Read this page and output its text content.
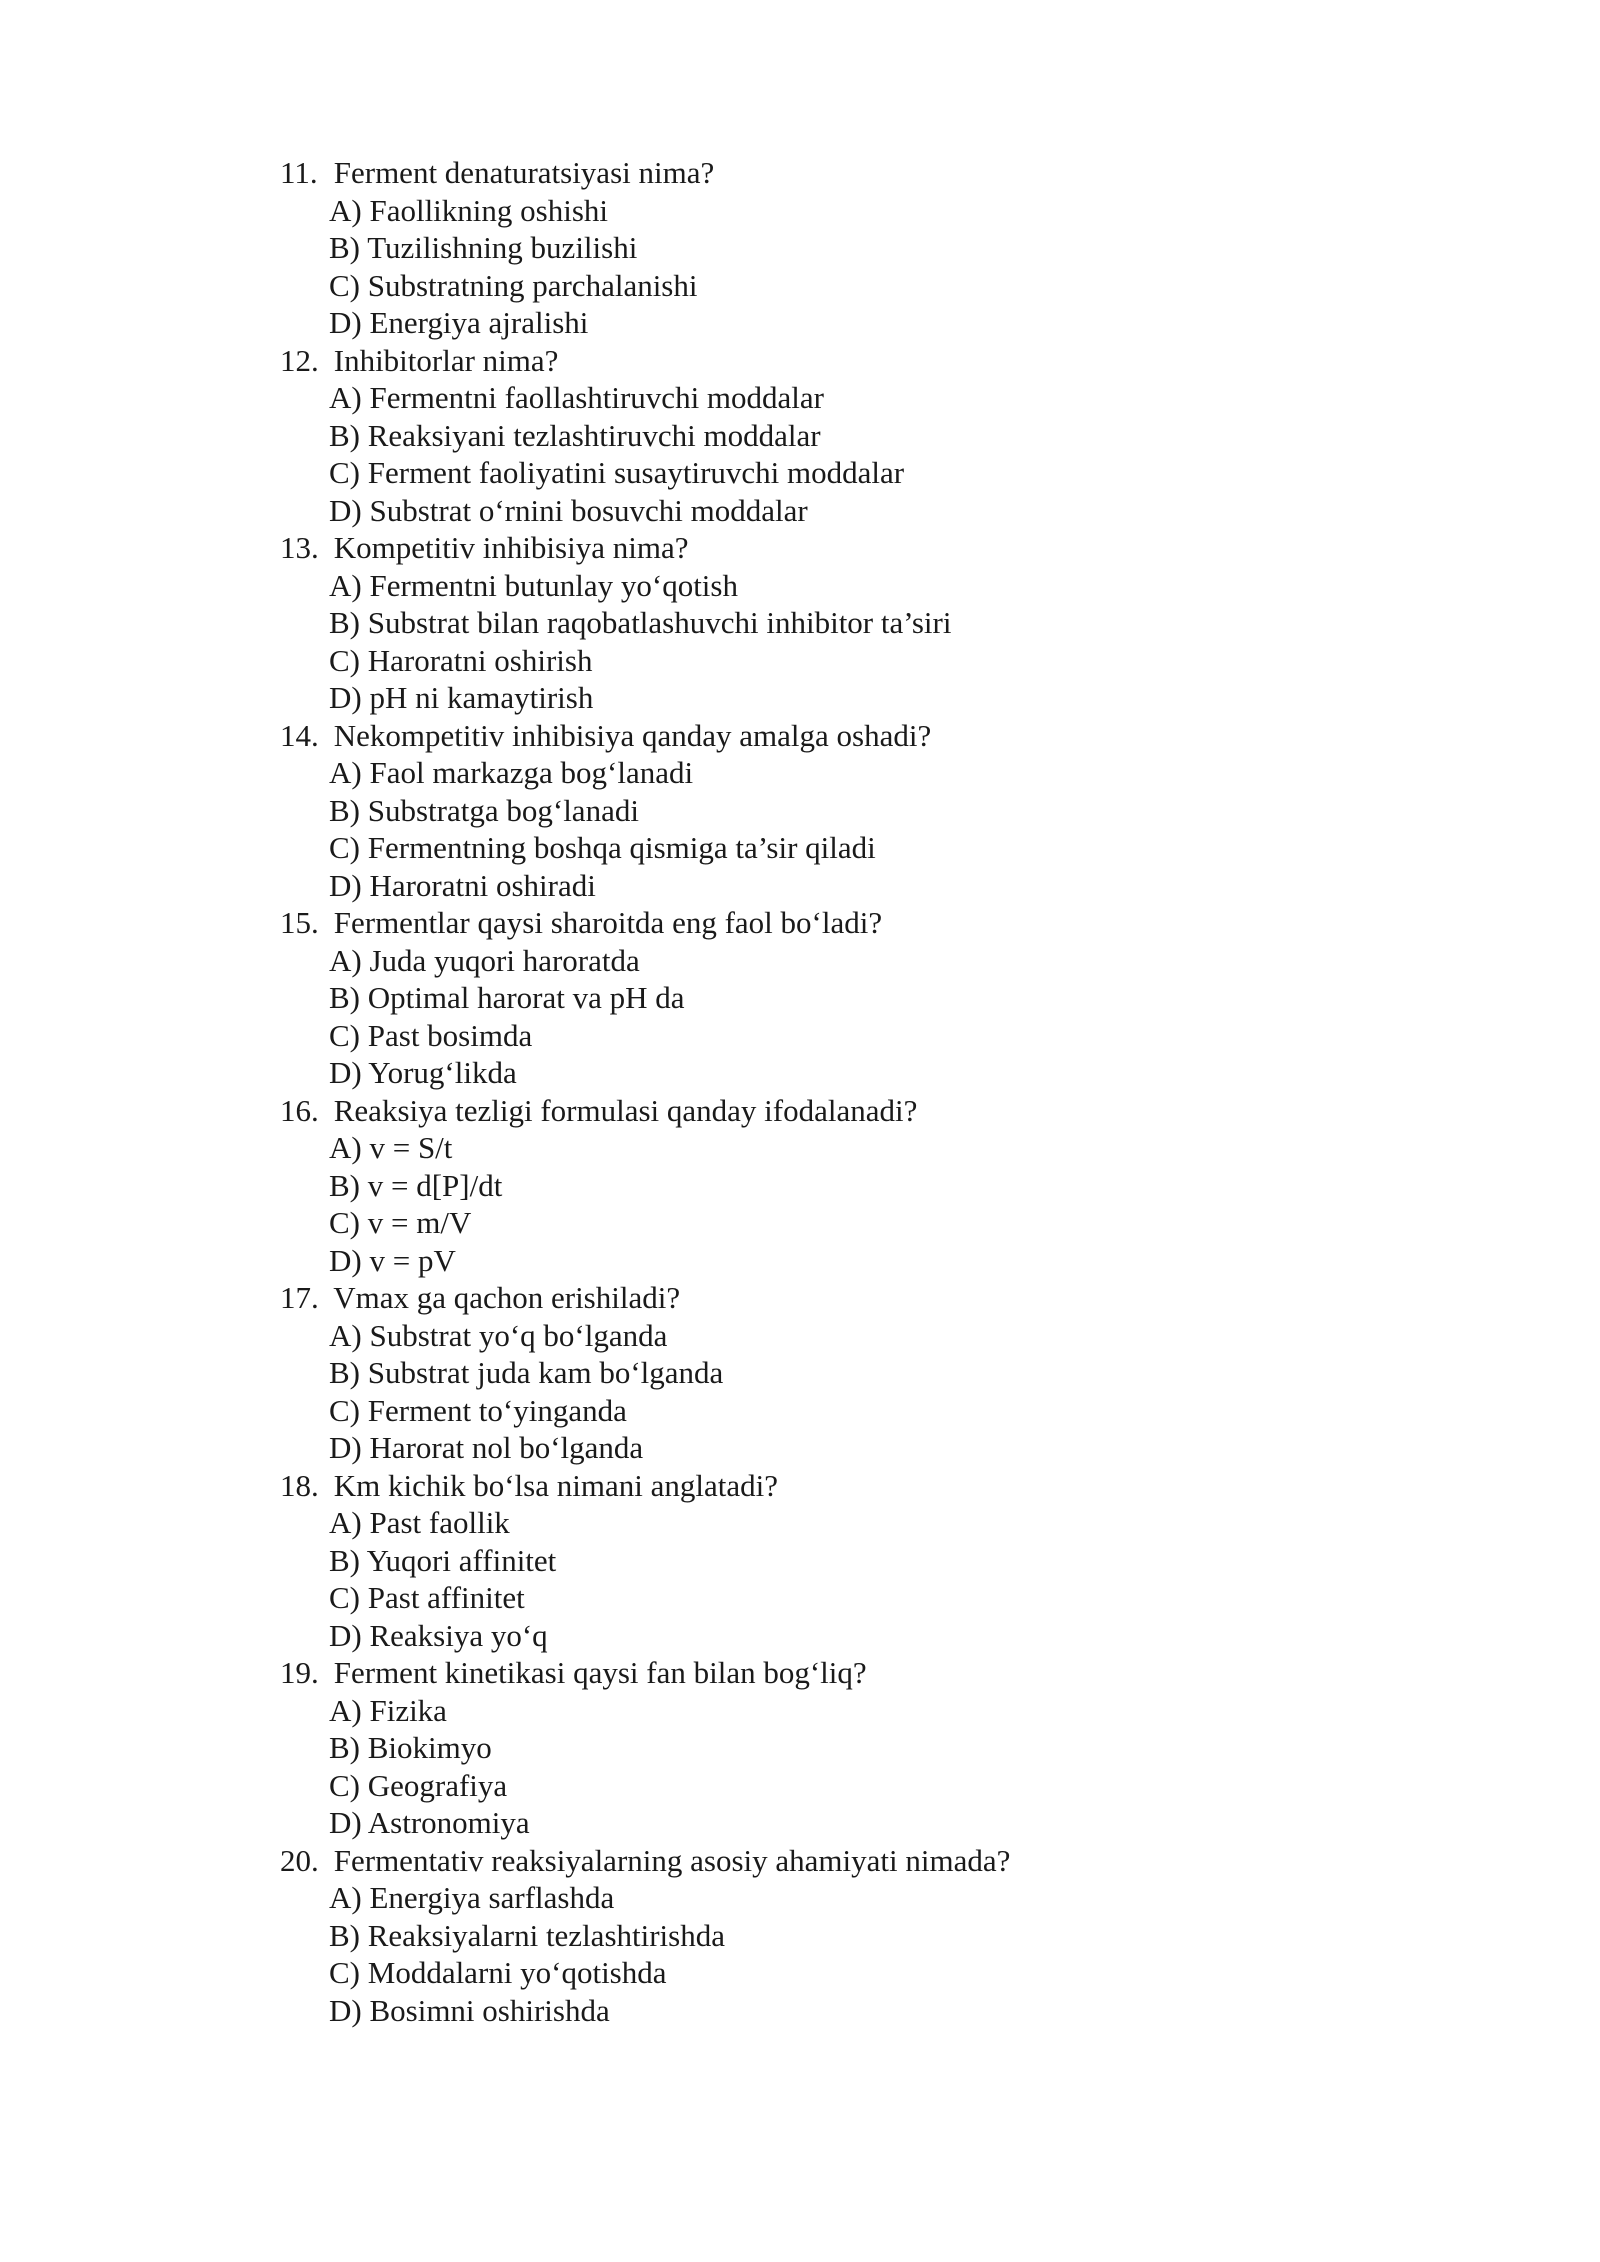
11. Ferment denaturatsiyasi nima?
A) Faollikning oshishi
B) Tuzilishning buzilishi
C) Substratning parchalanishi
D) Energiya ajralishi
12. Inhibitorlar nima?
A) Fermentni faollashtiruvchi moddalar
B) Reaksiyani tezlashtiruvchi moddalar
C) Ferment faoliyatini susaytiruvchi moddalar
D) Substrat o‘rnini bosuvchi moddalar
13. Kompetitiv inhibisiya nima?
A) Fermentni butunlay yo‘qotish
B) Substrat bilan raqobatlashuvchi inhibitor ta’siri
C) Haroratni oshirish
D) pH ni kamaytirish
14. Nekompetitiv inhibisiya qanday amalga oshadi?
A) Faol markazga bog‘lanadi
B) Substratga bog‘lanadi
C) Fermentning boshqa qismiga ta’sir qiladi
D) Haroratni oshiradi
15. Fermentlar qaysi sharoitda eng faol bo‘ladi?
A) Juda yuqori haroratda
B) Optimal harorat va pH da
C) Past bosimda
D) Yorug‘likda
16. Reaksiya tezligi formulasi qanday ifodalanadi?
A) v = S/t
B) v = d[P]/dt
C) v = m/V
D) v = pV
17. Vmax ga qachon erishiladi?
A) Substrat yo‘q bo‘lganda
B) Substrat juda kam bo‘lganda
C) Ferment to‘yinganda
D) Harorat nol bo‘lganda
18. Km kichik bo‘lsa nimani anglatadi?
A) Past faollik
B) Yuqori affinitet
C) Past affinitet
D) Reaksiya yo‘q
19. Ferment kinetikasi qaysi fan bilan bog‘liq?
A) Fizika
B) Biokimyo
C) Geografiya
D) Astronomiya
20. Fermentativ reaksiyalarning asosiy ahamiyati nimada?
A) Energiya sarflashda
B) Reaksiyalarni tezlashtirishda
C) Moddalarni yo‘qotishda
D) Bosimni oshirishda
